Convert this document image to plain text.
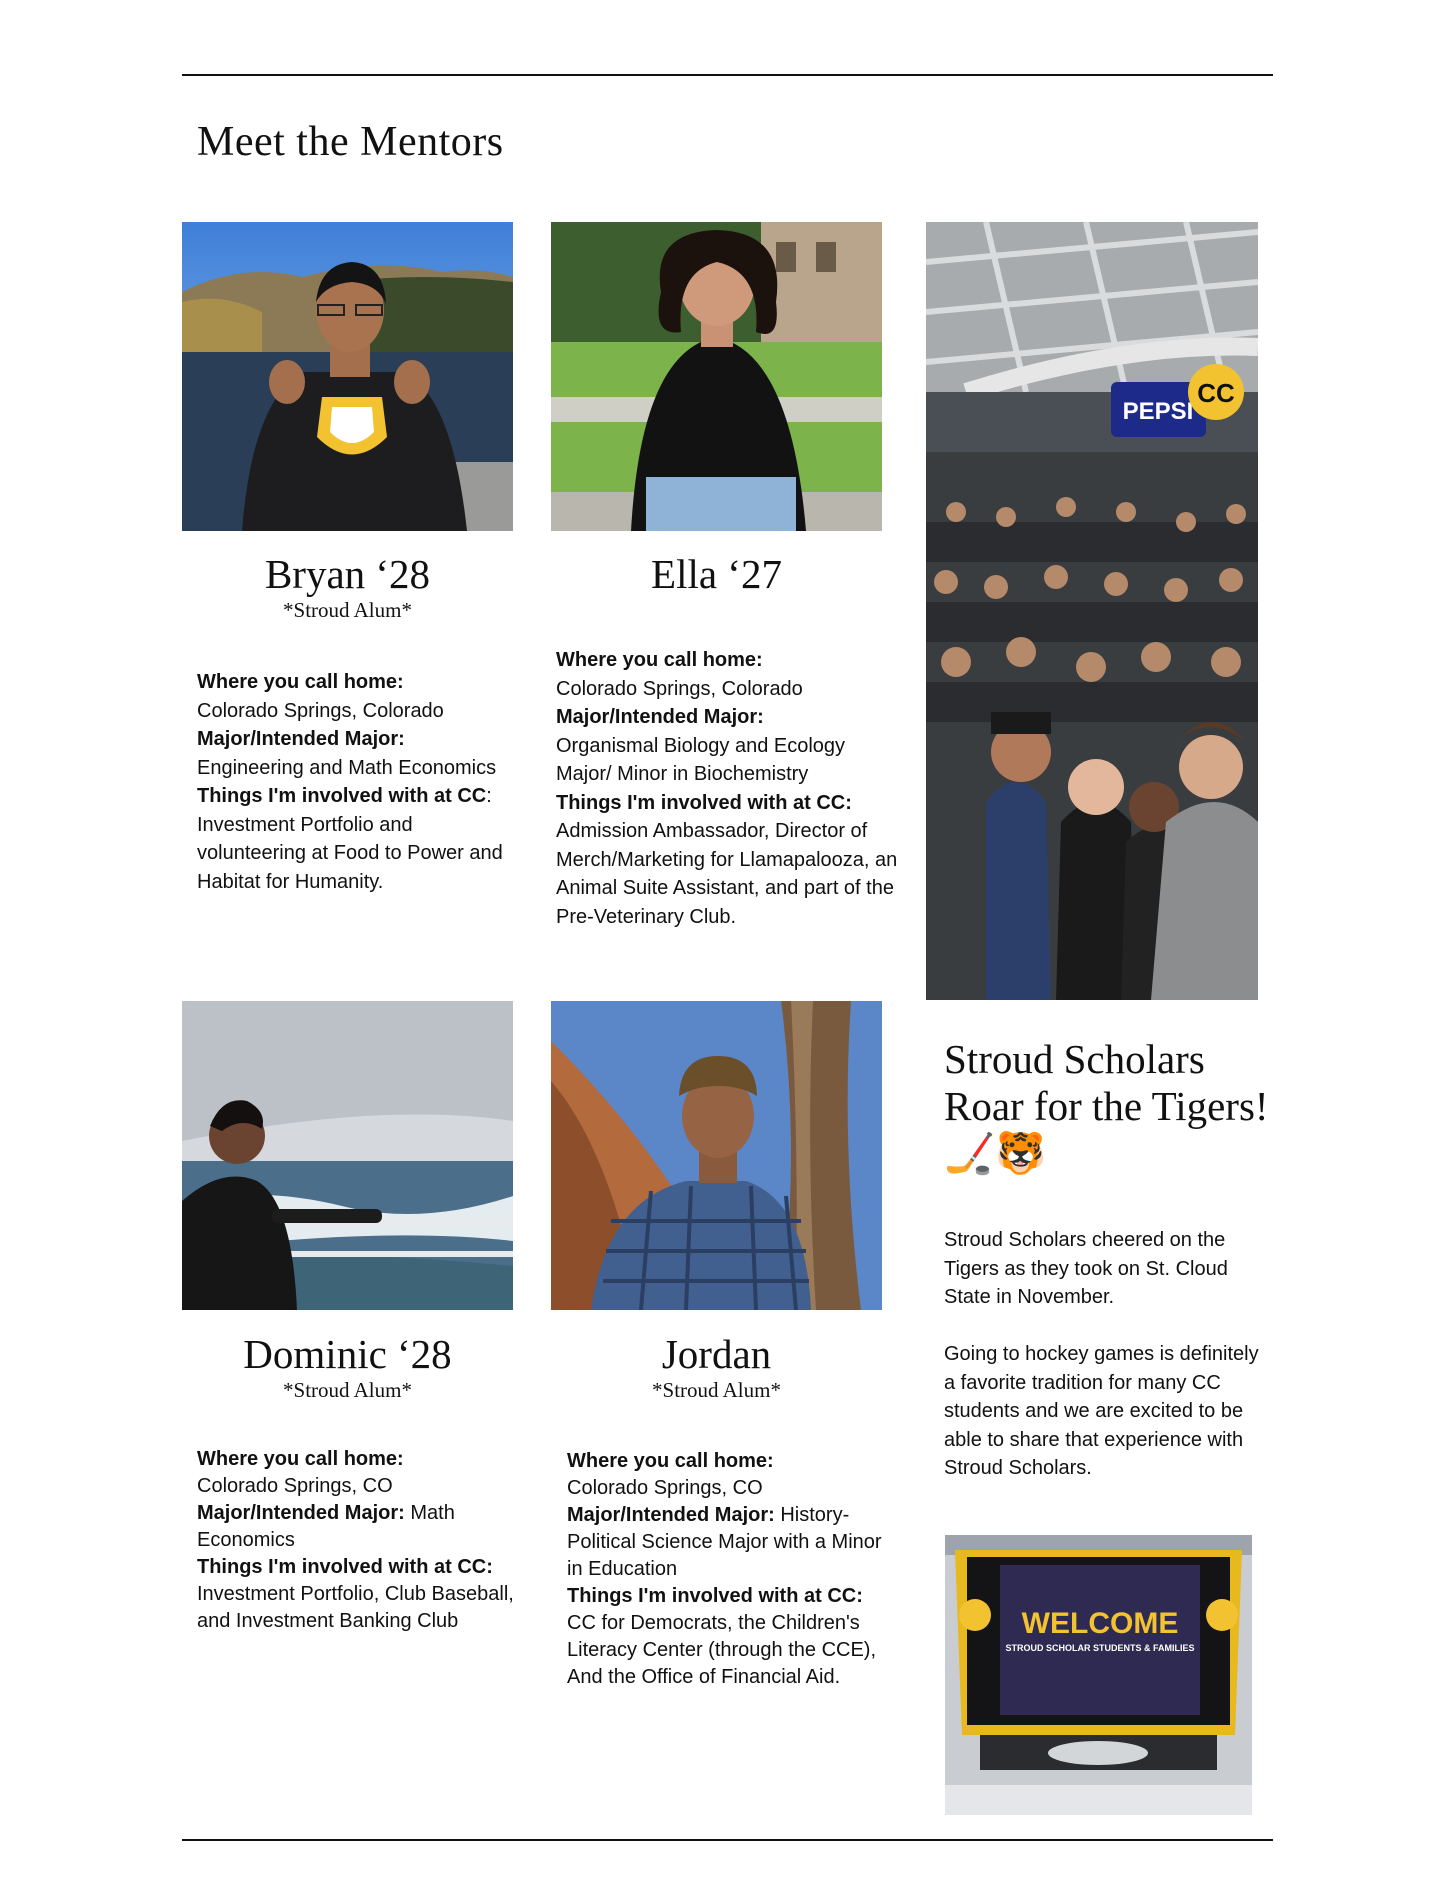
Meet the Mentors
Bryan ‘28
*Stroud Alum*
Where you call home:
Colorado Springs, Colorado
Major/Intended Major:
Engineering and Math Economics
Things I'm involved with at CC: Investment Portfolio and volunteering at Food to Power and Habitat for Humanity.
Ella ‘27
Where you call home:
Colorado Springs, Colorado
Major/Intended Major:
Organismal Biology and Ecology Major/ Minor in Biochemistry
Things I'm involved with at CC: Admission Ambassador, Director of Merch/Marketing for Llamapalooza, an Animal Suite Assistant, and part of the Pre-Veterinary Club.
PEPSI
CC
Dominic ‘28
*Stroud Alum*
Where you call home:
Colorado Springs, CO
Major/Intended Major: Math Economics
Things I'm involved with at CC: Investment Portfolio, Club Baseball, and Investment Banking Club
Jordan
*Stroud Alum*
Where you call home:
Colorado Springs, CO
Major/Intended Major: History-Political Science Major with a Minor in Education
Things I'm involved with at CC: CC for Democrats, the Children's Literacy Center (through the CCE), And the Office of Financial Aid.
Stroud Scholars Roar for the Tigers! 🏒🐯
Stroud Scholars cheered on the Tigers as they took on St. Cloud State in November.
Going to hockey games is definitely a favorite tradition for many CC students and we are excited to be able to share that experience with Stroud Scholars.
WELCOME
STROUD SCHOLAR STUDENTS & FAMILIES
